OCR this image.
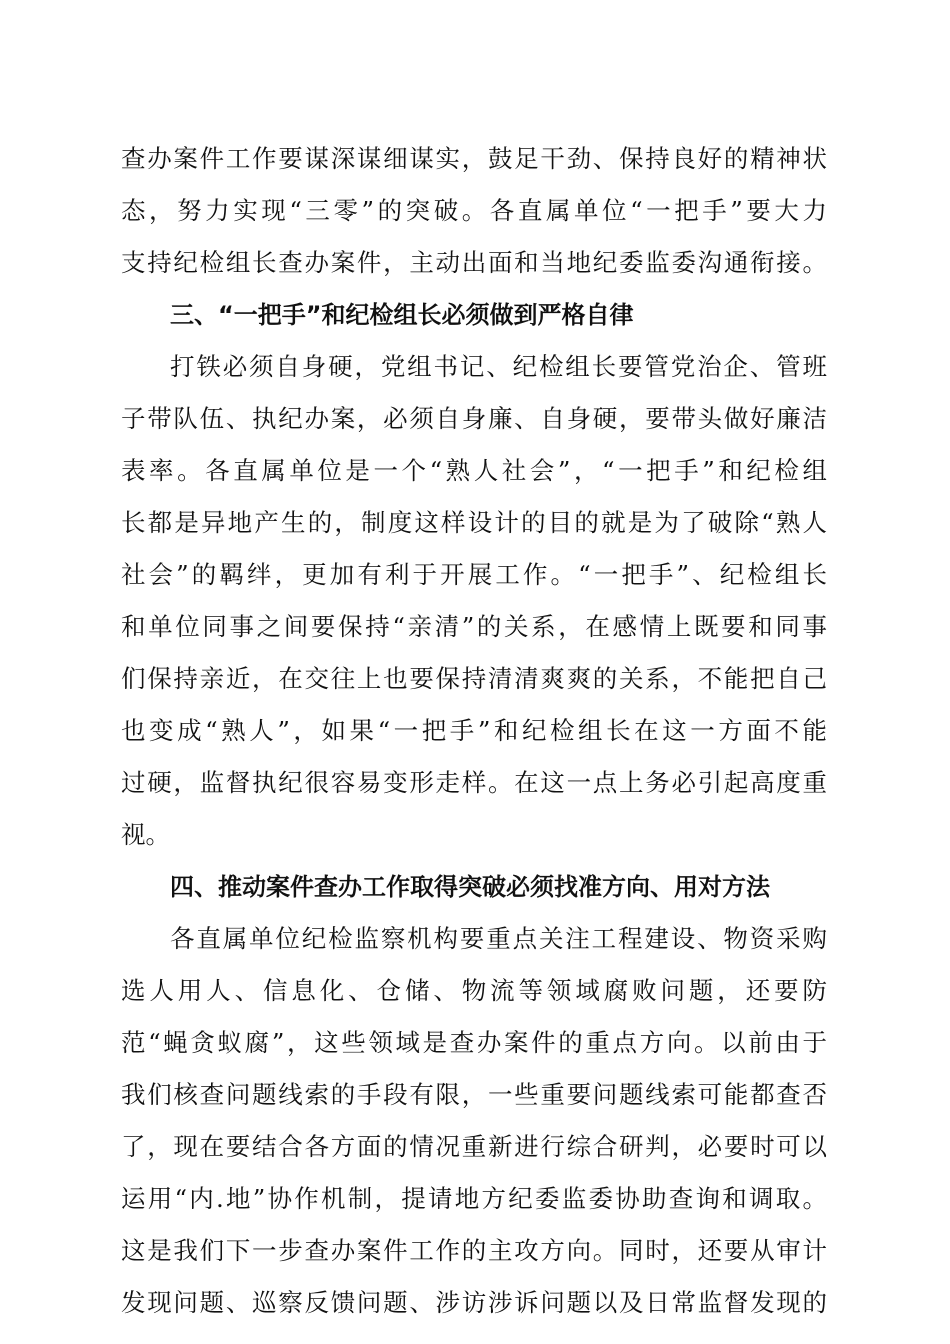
查办案件工作要谋深谋细谋实，鼓足干劲、保持良好的精神状
态，努力实现“三零”的突破。各直属单位“一把手”要大力
支持纪检组长查办案件，主动出面和当地纪委监委沟通衔接。
三、“一把手”和纪检组长必须做到严格自律
打铁必须自身硬，党组书记、纪检组长要管党治企、管班
子带队伍、执纪办案，必须自身廉、自身硬，要带头做好廉洁
表率。各直属单位是一个“熟人社会”，“一把手”和纪检组
长都是异地产生的，制度这样设计的目的就是为了破除“熟人
社会”的羁绊，更加有利于开展工作。“一把手”、纪检组长
和单位同事之间要保持“亲清”的关系，在感情上既要和同事
们保持亲近，在交往上也要保持清清爽爽的关系，不能把自己
也变成“熟人”，如果“一把手”和纪检组长在这一方面不能
过硬，监督执纪很容易变形走样。在这一点上务必引起高度重
视。
四、推动案件查办工作取得突破必须找准方向、用对方法
各直属单位纪检监察机构要重点关注工程建设、物资采购
选人用人、信息化、仓储、物流等领域腐败问题，还要防
范“蝇贪蚁腐”，这些领域是查办案件的重点方向。以前由于
我们核查问题线索的手段有限，一些重要问题线索可能都查否
了，现在要结合各方面的情况重新进行综合研判，必要时可以
运用“内.地”协作机制，提请地方纪委监委协助查询和调取。
这是我们下一步查办案件工作的主攻方向。同时，还要从审计
发现问题、巡察反馈问题、涉访涉诉问题以及日常监督发现的
